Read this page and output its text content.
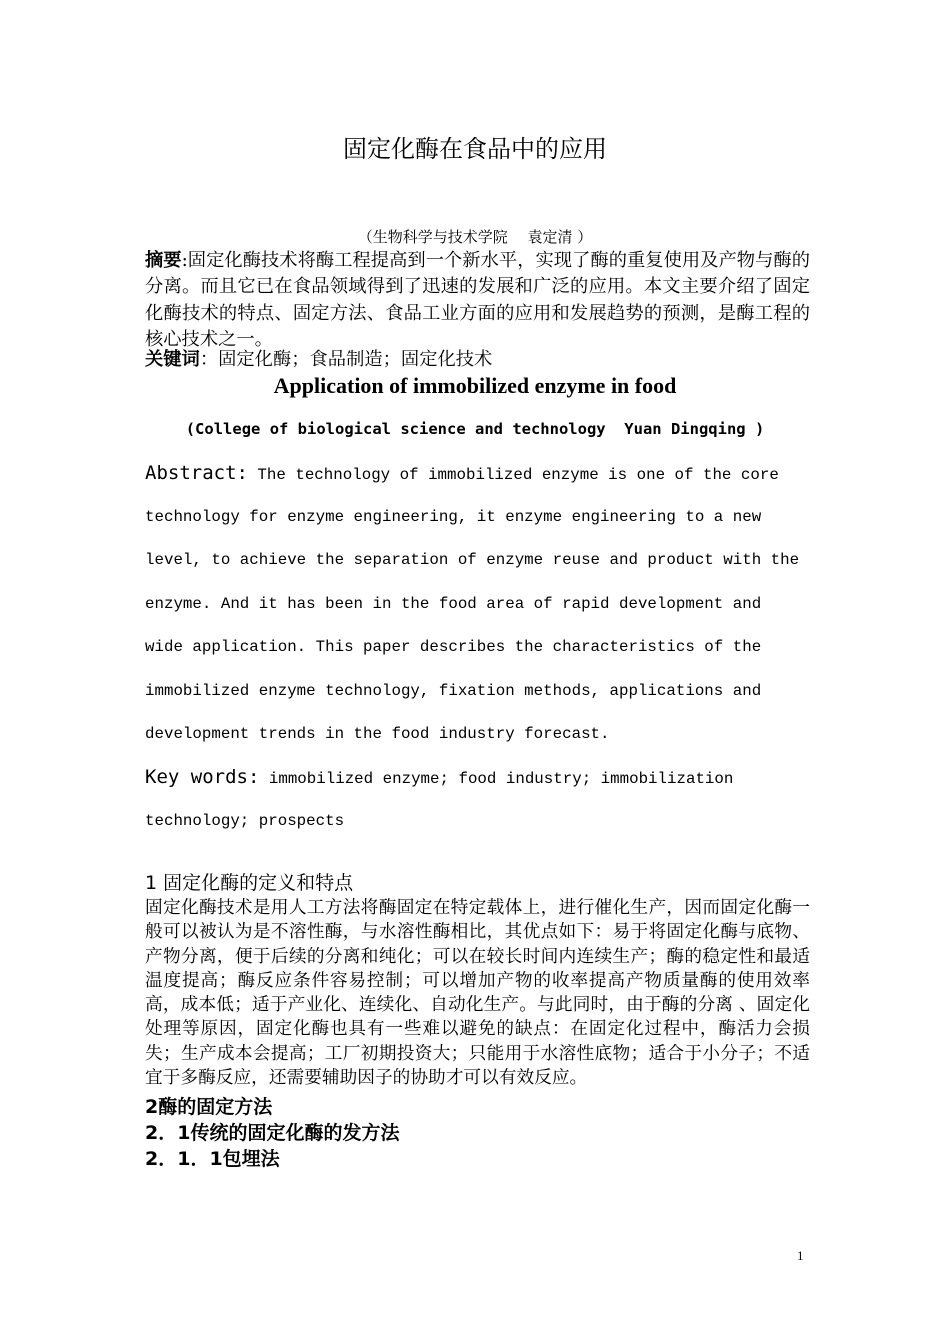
固定化酶在食品中的应用
（生物科学与技术学院　 袁定清 ）
摘要:固定化酶技术将酶工程提高到一个新水平，实现了酶的重复使用及产物与酶的分离。而且它已在食品领域得到了迅速的发展和广泛的应用。本文主要介绍了固定化酶技术的特点、固定方法、食品工业方面的应用和发展趋势的预测，是酶工程的核心技术之一。
关键词：固定化酶；食品制造；固定化技术
Application of immobilized enzyme in food
(College of biological science and technology  Yuan Dingqing )
Abstract: The technology of immobilized enzyme is one of the core
technology for enzyme engineering, it enzyme engineering to a new
level, to achieve the separation of enzyme reuse and product with the
enzyme. And it has been in the food area of rapid development and
wide application. This paper describes the characteristics of the
immobilized enzyme technology, fixation methods, applications and
development trends in the food industry forecast.
Key words: immobilized enzyme; food industry; immobilization
technology; prospects
1 固定化酶的定义和特点
固定化酶技术是用人工方法将酶固定在特定载体上，进行催化生产，因而固定化酶一般可以被认为是不溶性酶，与水溶性酶相比，其优点如下：易于将固定化酶与底物、产物分离，便于后续的分离和纯化；可以在较长时间内连续生产；酶的稳定性和最适温度提高；酶反应条件容易控制；可以增加产物的收率提高产物质量酶的使用效率高，成本低；适于产业化、连续化、自动化生产。与此同时，由于酶的分离 、固定化处理等原因，固定化酶也具有一些难以避免的缺点：在固定化过程中，酶活力会损失；生产成本会提高；工厂初期投资大；只能用于水溶性底物；适合于小分子；不适宜于多酶反应，还需要辅助因子的协助才可以有效反应。
2酶的固定方法
2．1传统的固定化酶的发方法
2．1．1包埋法
1
